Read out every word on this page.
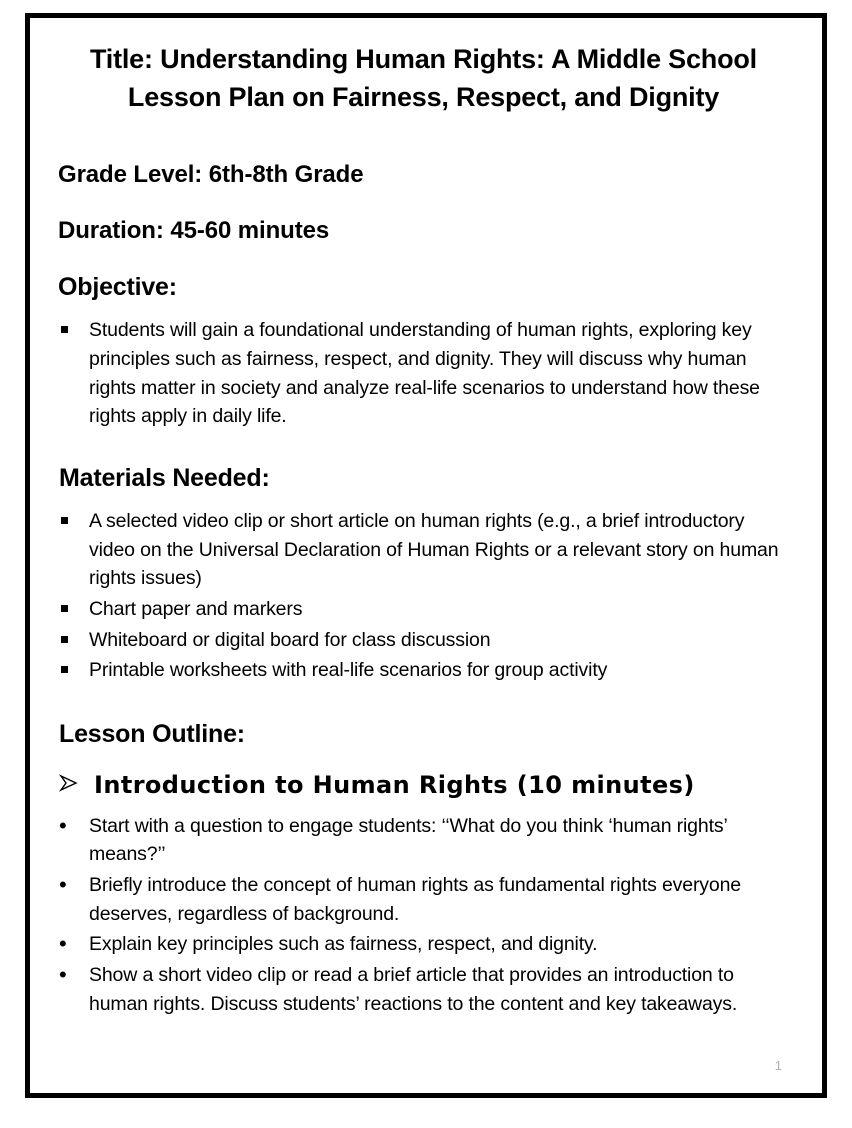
Title: Understanding Human Rights: A Middle School Lesson Plan on Fairness, Respect, and Dignity
Grade Level: 6th-8th Grade
Duration: 45-60 minutes
Objective:
Students will gain a foundational understanding of human rights, exploring key principles such as fairness, respect, and dignity. They will discuss why human rights matter in society and analyze real-life scenarios to understand how these rights apply in daily life.
Materials Needed:
A selected video clip or short article on human rights (e.g., a brief introductory video on the Universal Declaration of Human Rights or a relevant story on human rights issues)
Chart paper and markers
Whiteboard or digital board for class discussion
Printable worksheets with real-life scenarios for group activity
Lesson Outline:
Introduction to Human Rights (10 minutes)
• Start with a question to engage students: ‘‘What do you think ‘human rights’ means?’’
• Briefly introduce the concept of human rights as fundamental rights everyone deserves, regardless of background.
• Explain key principles such as fairness, respect, and dignity.
• Show a short video clip or read a brief article that provides an introduction to human rights. Discuss students’ reactions to the content and key takeaways.
1
